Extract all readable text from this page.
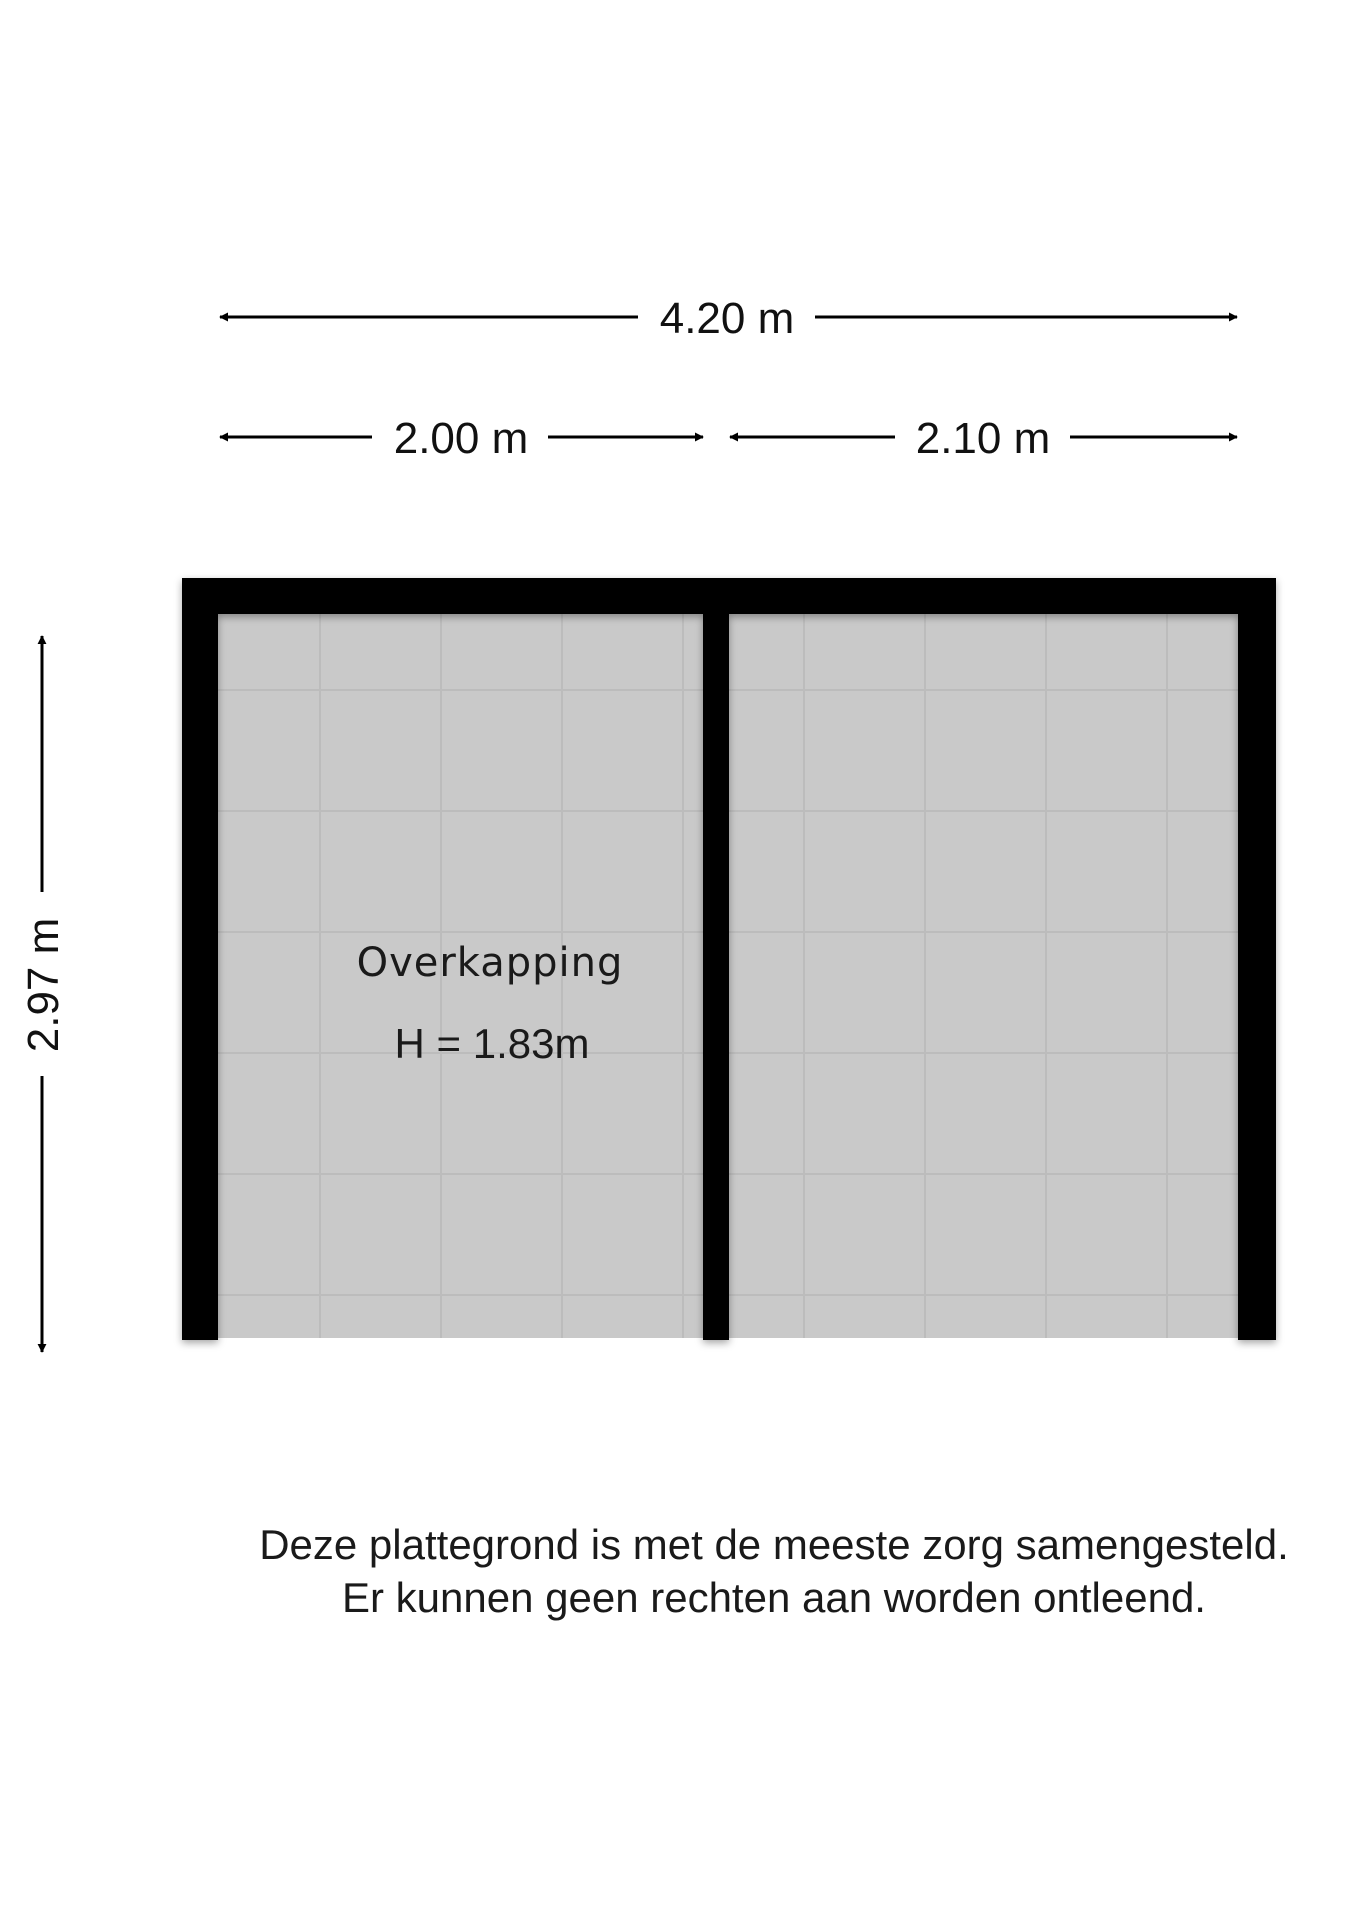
4.20 m
2.00 m	2.10 m
2.97 m	Overkapping
H = 1.83m
Deze plattegrond is met de meeste zorg samengesteld.
Er kunnen geen rechten aan worden ontleend.
